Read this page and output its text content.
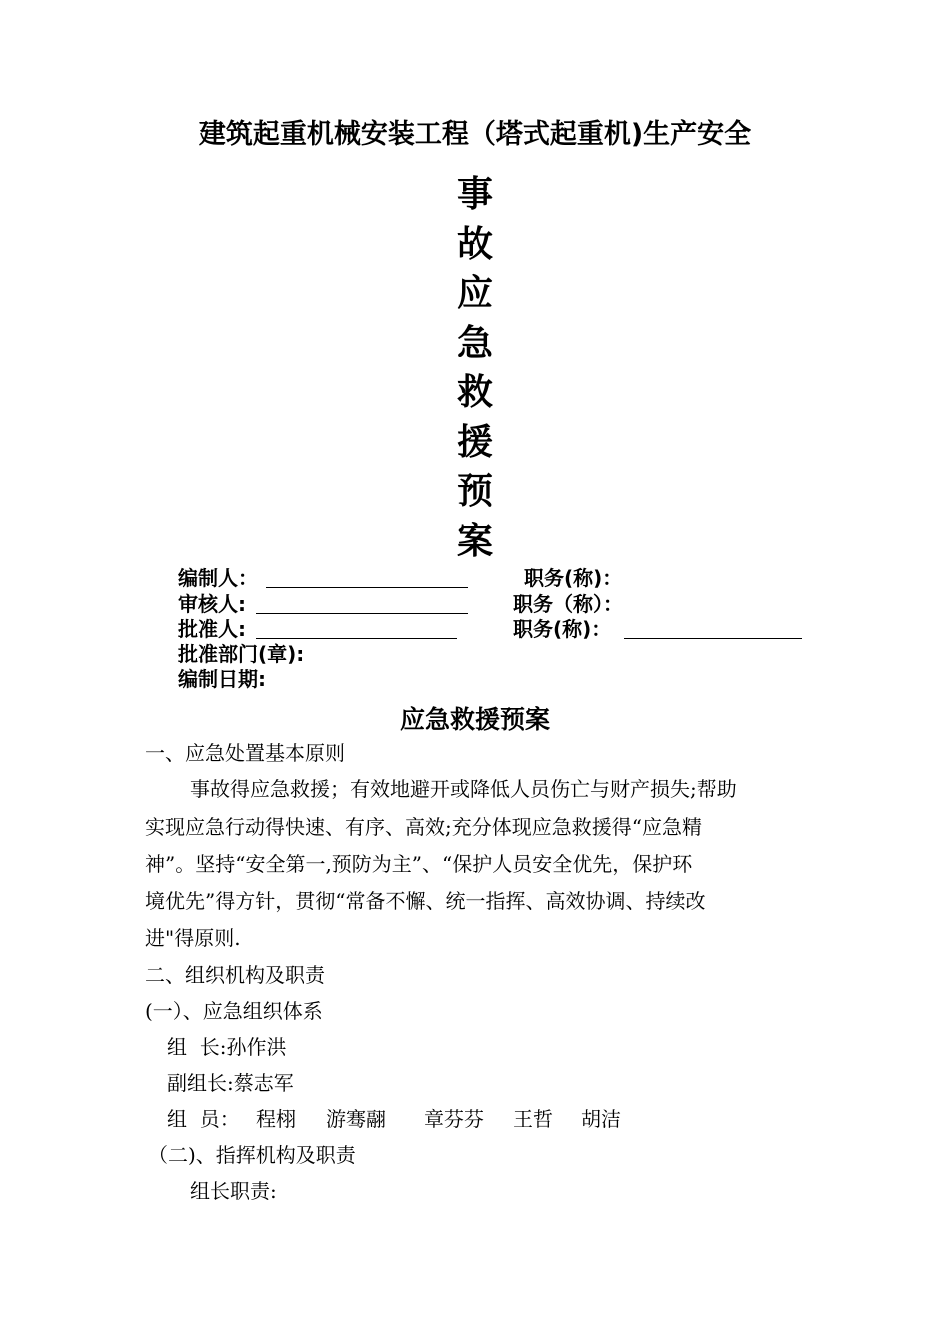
建筑起重机械安装工程（塔式起重机)生产安全
事
故
应
急
救
援
预
案
编制人：	职务(称)：
审核人:	职务（称）：
批准人:	职务(称)：
批准部门(章):
编制日期:
应急救援预案
一、应急处置基本原则
事故得应急救援；有效地避开或降低人员伤亡与财产损失;帮助
实现应急行动得快速、有序、高效;充分体现应急救援得“应急精
神”。坚持“安全第一,预防为主”、“保护人员安全优先，保护环
境优先”得方针，贯彻“常备不懈、统一指挥、高效协调、持续改
进"得原则.
二、组织机构及职责
(一）、应急组织体系
组  长:孙作洪
副组长:蔡志军
组  员： 程栩 游骞翮 章芬芬 王哲 胡洁
（二)、指挥机构及职责
组长职责:
